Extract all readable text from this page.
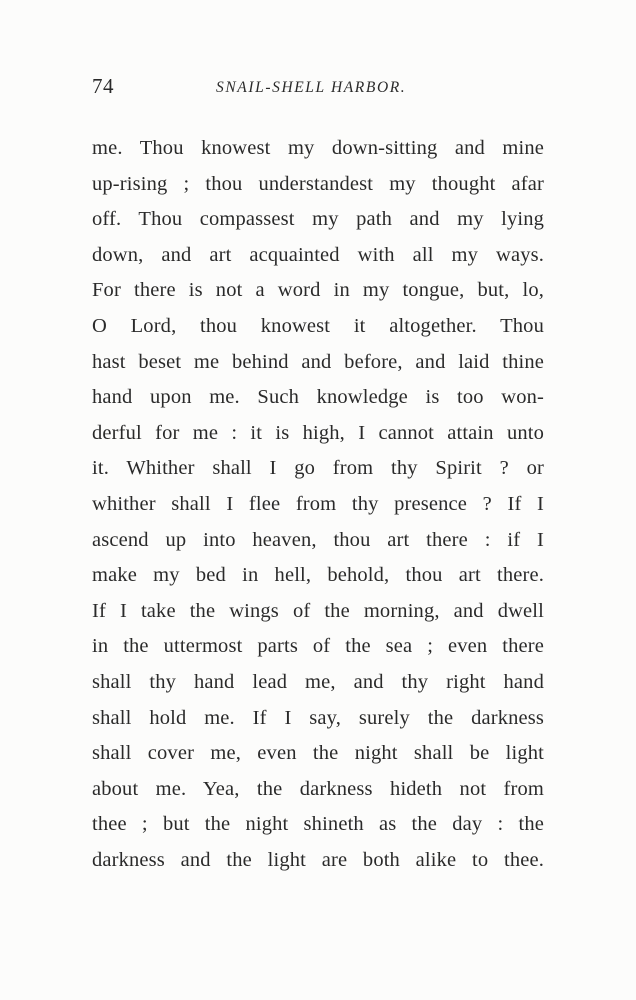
74	SNAIL-SHELL HARBOR.
me. Thou knowest my down-sitting and mine
up-rising ; thou understandest my thought afar
off. Thou compassest my path and my lying
down, and art acquainted with all my ways.
For there is not a word in my tongue, but, lo,
O Lord, thou knowest it altogether. Thou
hast beset me behind and before, and laid thine
hand upon me. Such knowledge is too won-
derful for me : it is high, I cannot attain unto
it. Whither shall I go from thy Spirit ? or
whither shall I flee from thy presence ? If I
ascend up into heaven, thou art there : if I
make my bed in hell, behold, thou art there.
If I take the wings of the morning, and dwell
in the uttermost parts of the sea ; even there
shall thy hand lead me, and thy right hand
shall hold me. If I say, surely the darkness
shall cover me, even the night shall be light
about me. Yea, the darkness hideth not from
thee ; but the night shineth as the day : the
darkness and the light are both alike to thee.
